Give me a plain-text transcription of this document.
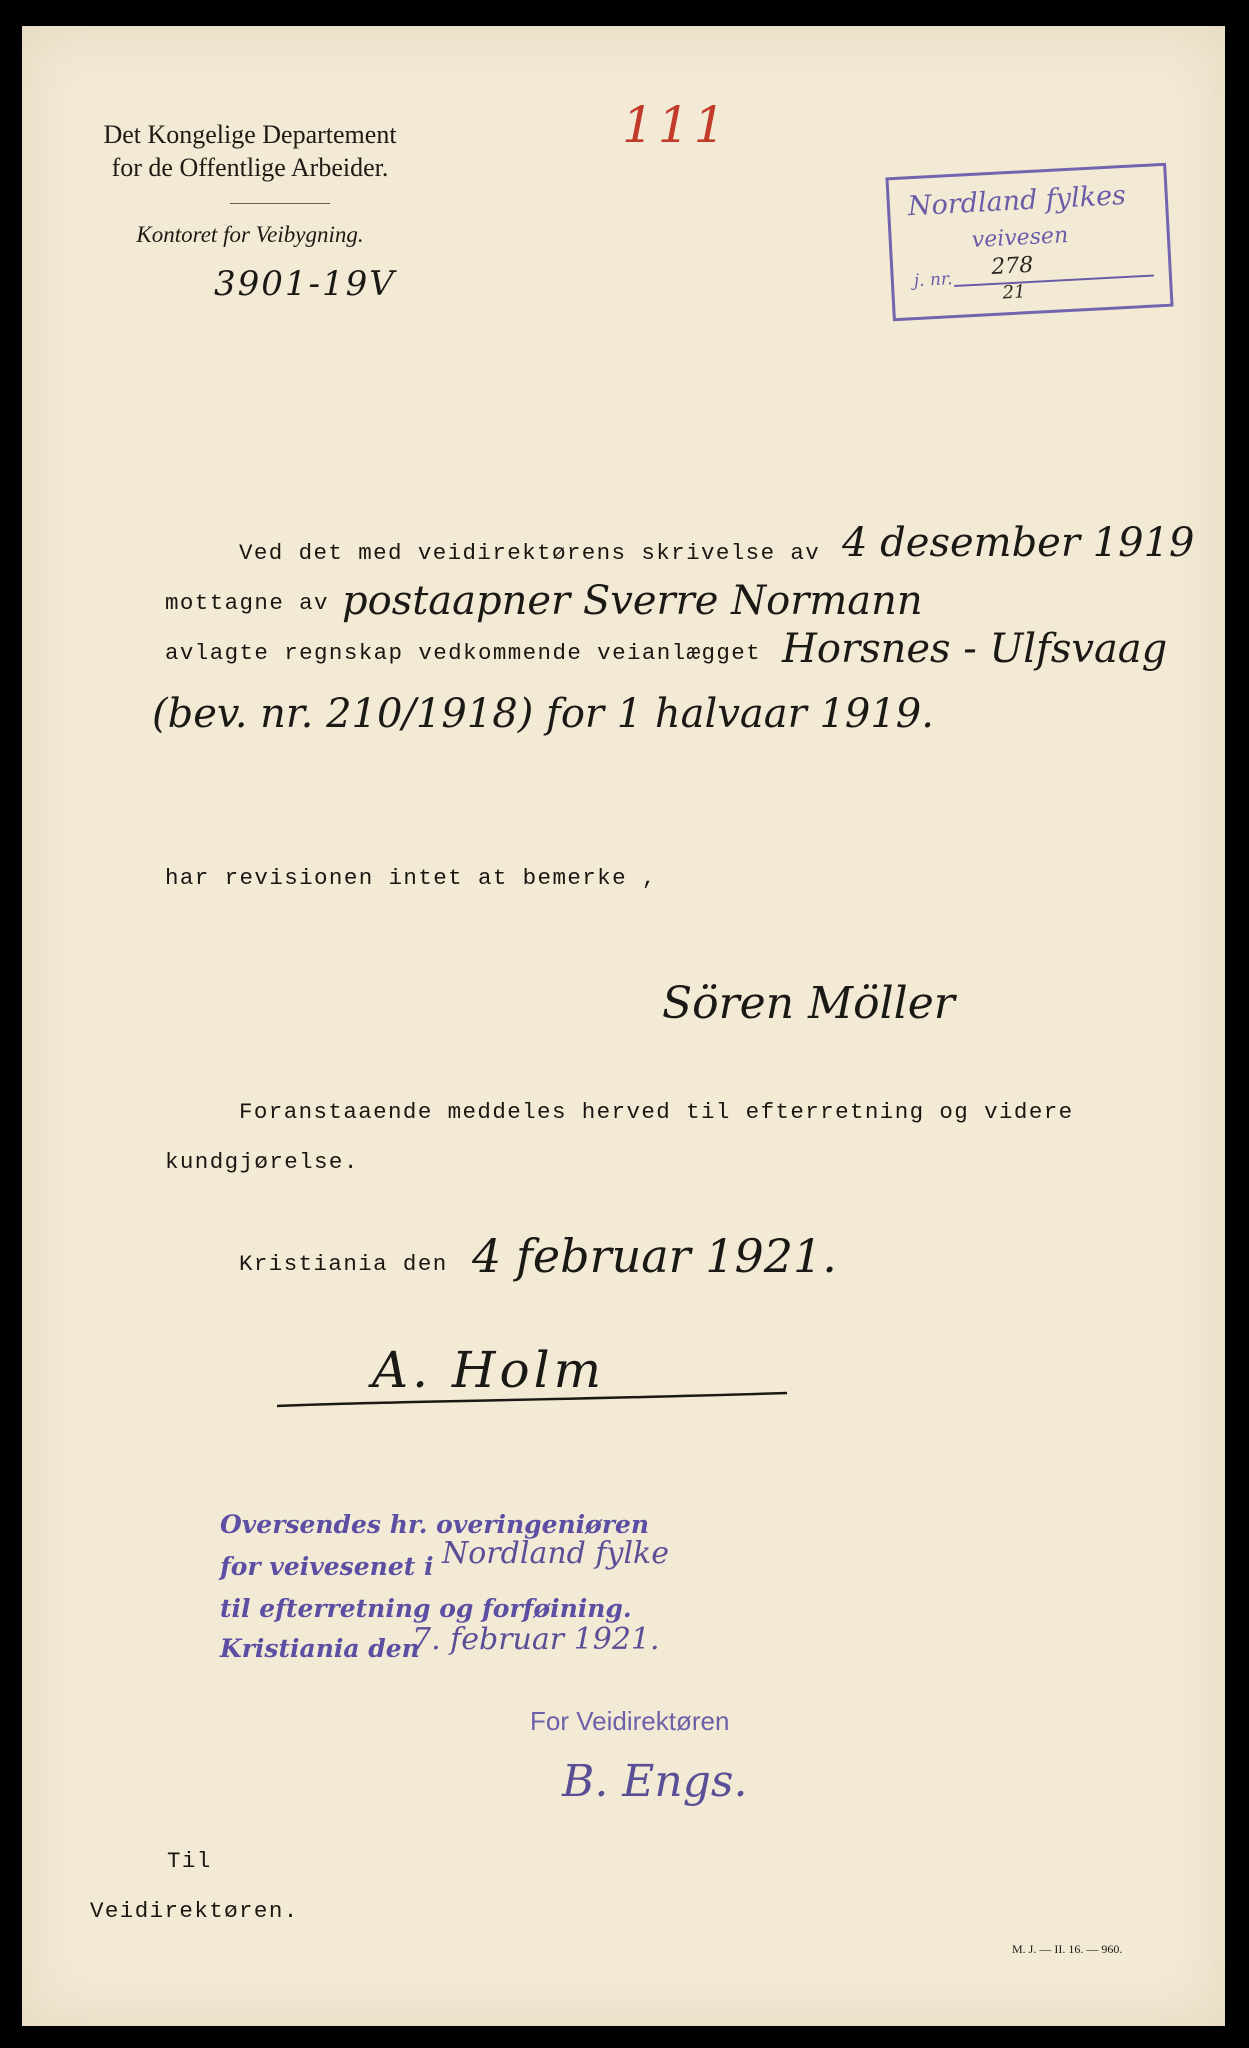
Det Kongelige Departement
for de Offentlige Arbeider.
Kontoret for Veibygning.
3901-19V
111
Nordland fylkes
veivesen
j. nr.
278
21
Ved det med veidirektørens skrivelse av 4 desember 1919
mottagne av postaapner Sverre Normann
avlagte regnskap vedkommende veianlægget Horsnes - Ulfsvaag
(bev. nr. 210/1918) for 1 halvaar 1919.
har revisionen intet at bemerke ,
Sören Möller
Foranstaaende meddeles herved til efterretning og videre
kundgjørelse.
Kristiania den 4 februar 1921.
A. Holm
Oversendes hr. overingeniøren
for veivesenet i Nordland fylke
til efterretning og forføining.
Kristiania den
7. februar 1921.
For Veidirektøren
B. Engs.
Til
Veidirektøren.
M. J. — II. 16. — 960.
